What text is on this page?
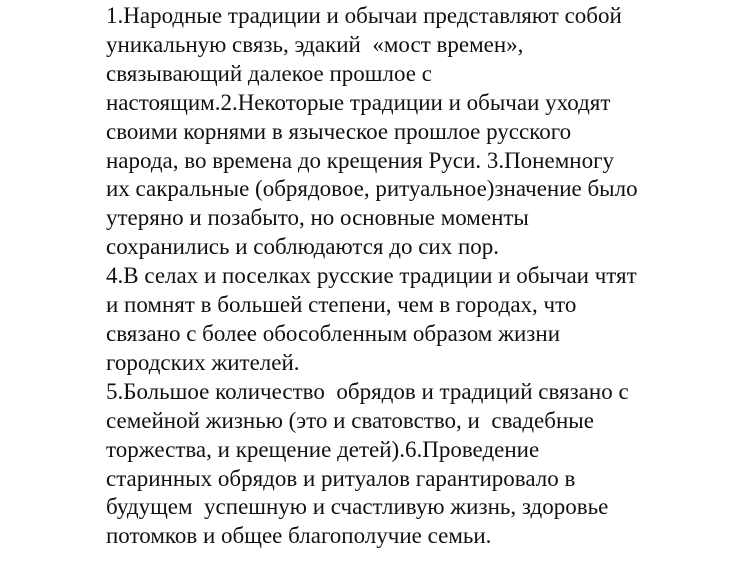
1.Народные традиции и обычаи представляют собой
уникальную связь, эдакий  «мост времен»,
связывающий далекое прошлое с
настоящим.2.Некоторые традиции и обычаи уходят
своими корнями в языческое прошлое русского
народа, во времена до крещения Руси. 3.Понемногу
их сакральные (обрядовое, ритуальное)значение было
утеряно и позабыто, но основные моменты
сохранились и соблюдаются до сих пор.
4.В селах и поселках русские традиции и обычаи чтят
и помнят в большей степени, чем в городах, что
связано с более обособленным образом жизни
городских жителей.
5.Большое количество  обрядов и традиций связано с
семейной жизнью (это и сватовство, и  свадебные
торжества, и крещение детей).6.Проведение
старинных обрядов и ритуалов гарантировало в
будущем  успешную и счастливую жизнь, здоровье
потомков и общее благополучие семьи.
